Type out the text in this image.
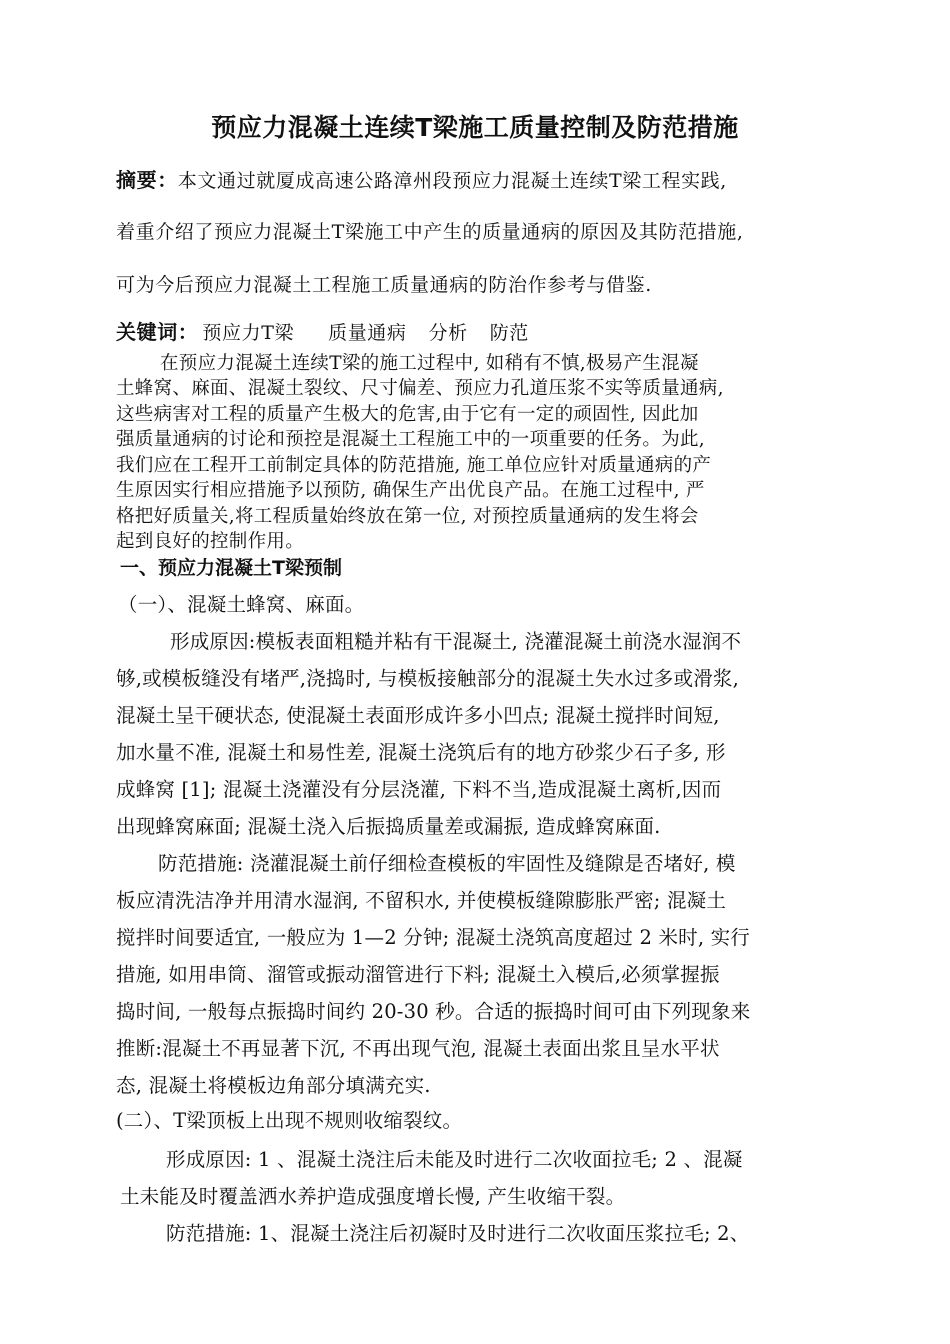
预应力混凝土连续T梁施工质量控制及防范措施
摘要：本文通过就厦成高速公路漳州段预应力混凝土连续T梁工程实践,
着重介绍了预应力混凝土T梁施工中产生的质量通病的原因及其防范措施,
可为今后预应力混凝土工程施工质量通病的防治作参考与借鉴.
关键词： 预应力T梁 质量通病 分析 防范
在预应力混凝土连续T梁的施工过程中, 如稍有不慎,极易产生混凝
土蜂窝、麻面、混凝土裂纹、尺寸偏差、预应力孔道压浆不实等质量通病,
这些病害对工程的质量产生极大的危害,由于它有一定的顽固性, 因此加
强质量通病的讨论和预控是混凝土工程施工中的一项重要的任务。为此,
我们应在工程开工前制定具体的防范措施, 施工单位应针对质量通病的产
生原因实行相应措施予以预防, 确保生产出优良产品。在施工过程中, 严
格把好质量关,将工程质量始终放在第一位, 对预控质量通病的发生将会
起到良好的控制作用。
一、预应力混凝土T梁预制
（一）、混凝土蜂窝、麻面。
形成原因:模板表面粗糙并粘有干混凝土, 浇灌混凝土前浇水湿润不
够,或模板缝没有堵严,浇捣时, 与模板接触部分的混凝土失水过多或滑浆,
混凝土呈干硬状态, 使混凝土表面形成许多小凹点; 混凝土搅拌时间短,
加水量不准, 混凝土和易性差, 混凝土浇筑后有的地方砂浆少石子多, 形
成蜂窝 [1]; 混凝土浇灌没有分层浇灌, 下料不当,造成混凝土离析,因而
出现蜂窝麻面; 混凝土浇入后振捣质量差或漏振, 造成蜂窝麻面.
防范措施: 浇灌混凝土前仔细检查模板的牢固性及缝隙是否堵好, 模
板应清洗洁净并用清水湿润, 不留积水, 并使模板缝隙膨胀严密; 混凝土
搅拌时间要适宜, 一般应为 1—2 分钟; 混凝土浇筑高度超过 2 米时, 实行
措施, 如用串筒、溜管或振动溜管进行下料; 混凝土入模后,必须掌握振
捣时间, 一般每点振捣时间约 20-30 秒。合适的振捣时间可由下列现象来
推断:混凝土不再显著下沉, 不再出现气泡, 混凝土表面出浆且呈水平状
态, 混凝土将模板边角部分填满充实.
(二）、T梁顶板上出现不规则收缩裂纹。
形成原因: 1 、混凝土浇注后未能及时进行二次收面拉毛; 2 、混凝
土未能及时覆盖洒水养护造成强度增长慢, 产生收缩干裂。
防范措施: 1、混凝土浇注后初凝时及时进行二次收面压浆拉毛; 2、
